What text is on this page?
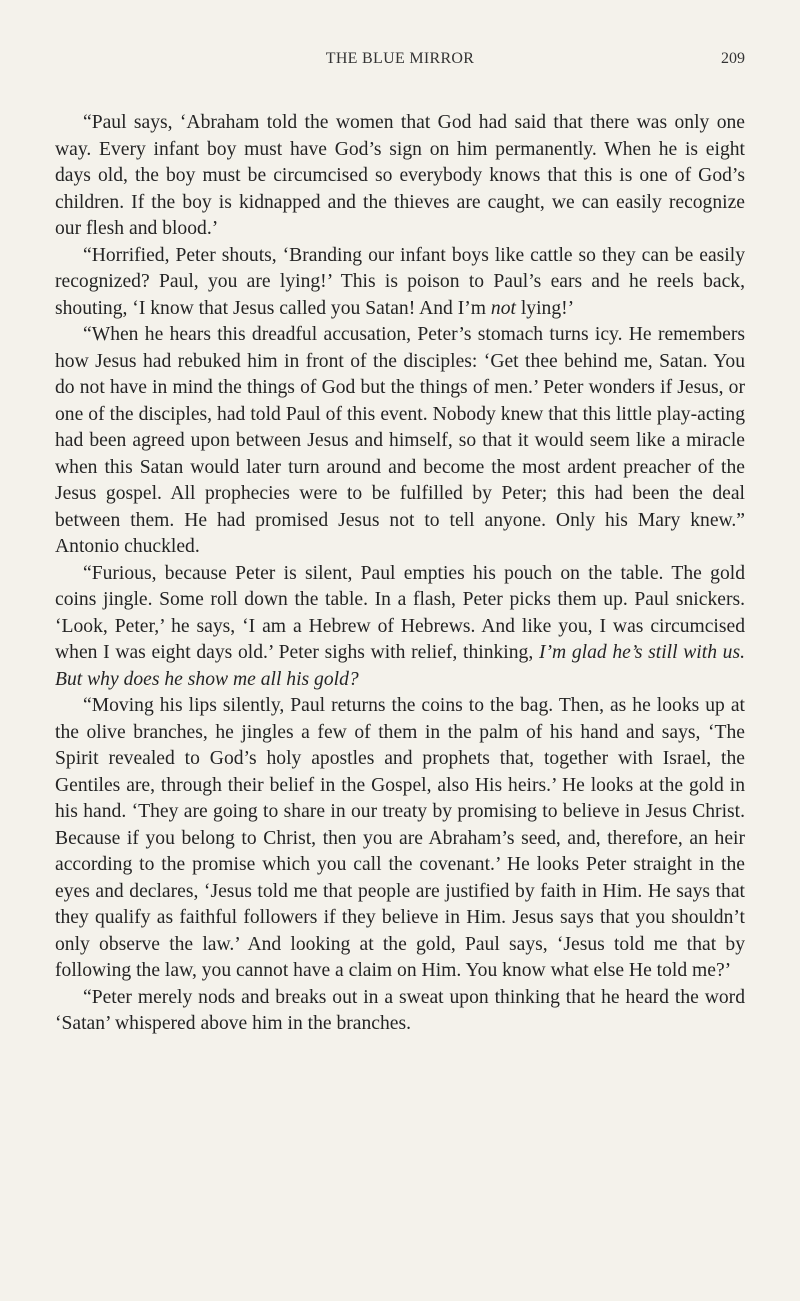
THE BLUE MIRROR	209

“Paul says, ‘Abraham told the women that God had said that there was only one way. Every infant boy must have God’s sign on him permanently. When he is eight days old, the boy must be circumcised so everybody knows that this is one of God’s children. If the boy is kidnapped and the thieves are caught, we can easily recognize our flesh and blood.’

“Horrified, Peter shouts, ‘Branding our infant boys like cattle so they can be easily recognized? Paul, you are lying!’ This is poison to Paul’s ears and he reels back, shouting, ‘I know that Jesus called you Satan! And I’m not lying!’

“When he hears this dreadful accusation, Peter’s stomach turns icy. He remembers how Jesus had rebuked him in front of the disciples: ‘Get thee behind me, Satan. You do not have in mind the things of God but the things of men.’ Peter wonders if Jesus, or one of the disciples, had told Paul of this event. Nobody knew that this little play-acting had been agreed upon between Jesus and himself, so that it would seem like a miracle when this Satan would later turn around and become the most ardent preacher of the Jesus gospel. All prophecies were to be fulfilled by Peter; this had been the deal between them. He had promised Jesus not to tell anyone. Only his Mary knew.” Antonio chuckled.

“Furious, because Peter is silent, Paul empties his pouch on the table. The gold coins jingle. Some roll down the table. In a flash, Peter picks them up. Paul snickers. ‘Look, Peter,’ he says, ‘I am a Hebrew of Hebrews. And like you, I was circumcised when I was eight days old.’ Peter sighs with relief, thinking, I’m glad he’s still with us. But why does he show me all his gold?

“Moving his lips silently, Paul returns the coins to the bag. Then, as he looks up at the olive branches, he jingles a few of them in the palm of his hand and says, ‘The Spirit revealed to God’s holy apostles and prophets that, together with Israel, the Gentiles are, through their belief in the Gospel, also His heirs.’ He looks at the gold in his hand. ‘They are going to share in our treaty by promising to believe in Jesus Christ. Because if you belong to Christ, then you are Abraham’s seed, and, therefore, an heir according to the promise which you call the covenant.’ He looks Peter straight in the eyes and declares, ‘Jesus told me that people are justified by faith in Him. He says that they qualify as faithful followers if they believe in Him. Jesus says that you shouldn’t only observe the law.’ And looking at the gold, Paul says, ‘Jesus told me that by following the law, you cannot have a claim on Him. You know what else He told me?’

“Peter merely nods and breaks out in a sweat upon thinking that he heard the word ‘Satan’ whispered above him in the branches.
